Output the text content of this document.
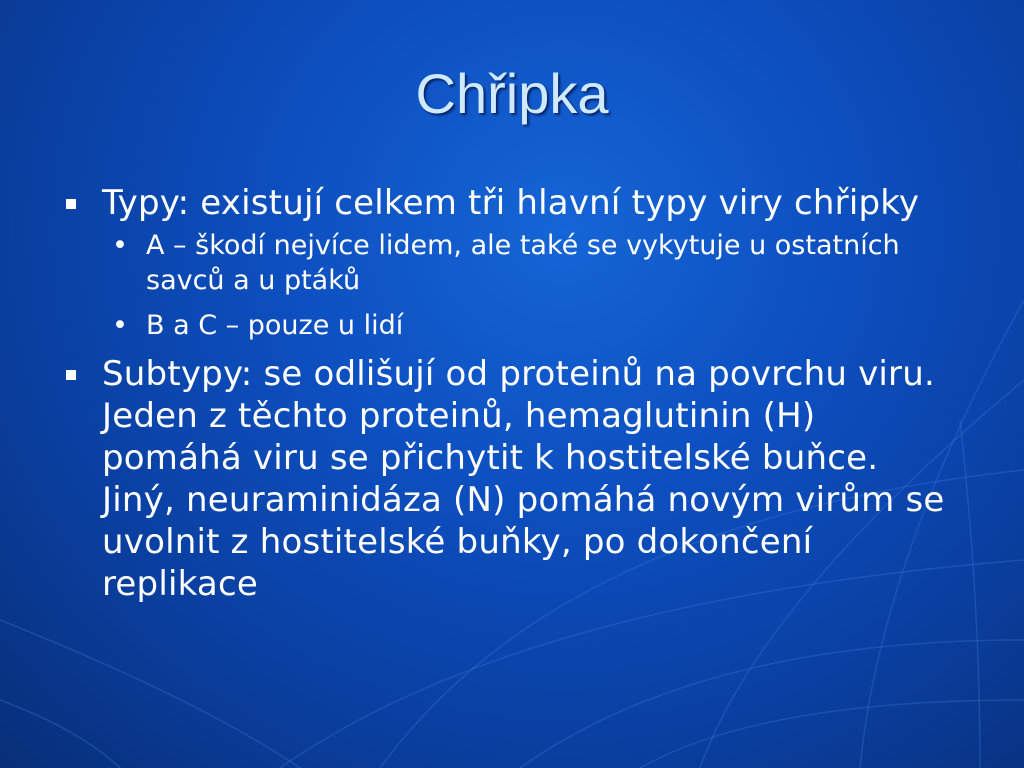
Chřipka
Typy: existují celkem tři hlavní typy viry chřipky
• A – škodí nejvíce lidem, ale také se vykytuje u ostatních savců a u ptáků
• B a C – pouze u lidí
Subtypy: se odlišují od proteinů na povrchu viru. Jeden z těchto proteinů, hemaglutinin (H) pomáhá viru se přichytit k hostitelské buňce. Jiný, neuraminidáza (N) pomáhá novým virům se uvolnit z hostitelské buňky, po dokončení replikace
